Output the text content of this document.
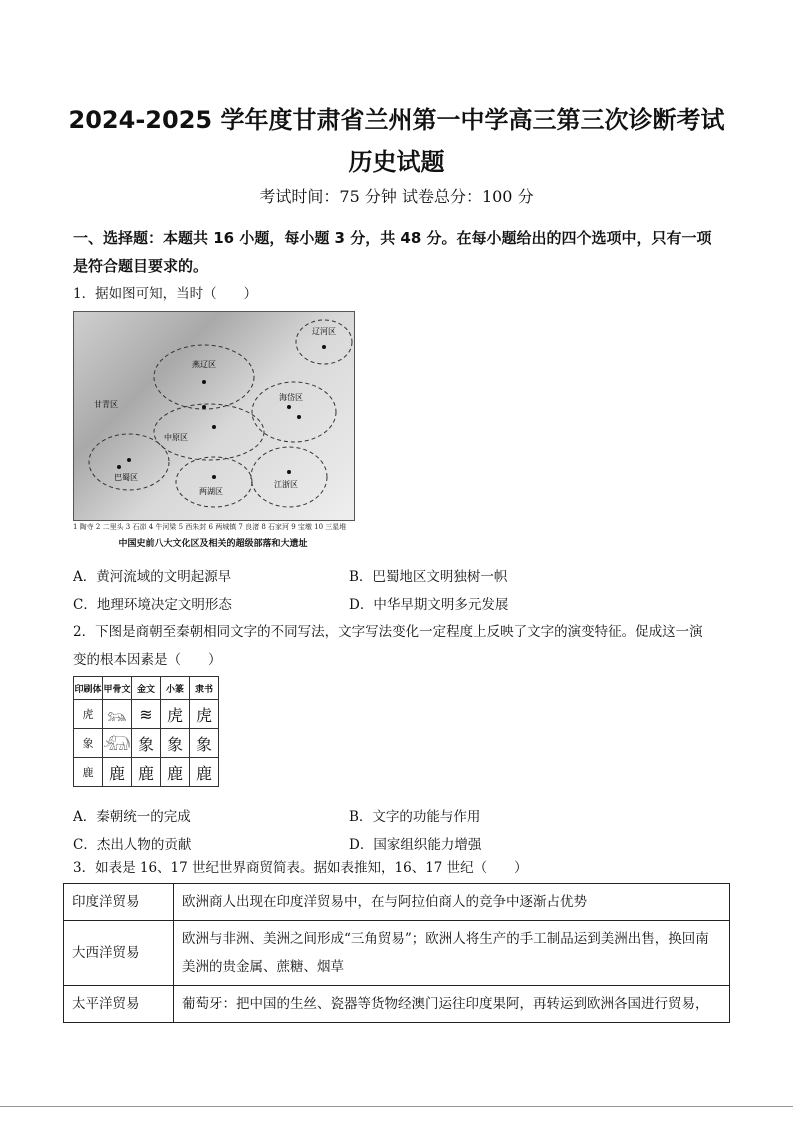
2024-2025 学年度甘肃省兰州第一中学高三第三次诊断考试
历史试题
考试时间：75 分钟 试卷总分：100 分
一、选择题：本题共 16 小题，每小题 3 分，共 48 分。在每小题给出的四个选项中，只有一项
是符合题目要求的。
1．据如图可知，当时（　　）
辽河区
燕辽区
海岱区
中原区
巴蜀区
江浙区
两湖区
甘青区
1 陶寺 2 二里头 3 石峁 4 牛河梁 5 西朱封 6 两城镇 7 良渚 8 石家河 9 宝墩 10 三星堆
中国史前八大文化区及相关的超级部落和大遗址
A．黄河流域的文明起源早	B．巴蜀地区文明独树一帜
C．地理环境决定文明形态	D．中华早期文明多元发展
2．下图是商朝至秦朝相同文字的不同写法，文字写法变化一定程度上反映了文字的演变特征。促成这一演
变的根本因素是（　　）
印刷体	甲骨文	金文	小篆	隶书
虎	𓃬	≋	虎	虎
象	𓃰	象	象	象
鹿	鹿	鹿	鹿	鹿
A．秦朝统一的完成	B．文字的功能与作用
C．杰出人物的贡献	D．国家组织能力增强
3．如表是 16、17 世纪世界商贸简表。据如表推知，16、17 世纪（　　）
印度洋贸易	欧洲商人出现在印度洋贸易中，在与阿拉伯商人的竞争中逐渐占优势
大西洋贸易	欧洲与非洲、美洲之间形成“三角贸易”；欧洲人将生产的手工制品运到美洲出售，换回南美洲的贵金属、蔗糖、烟草
太平洋贸易	葡萄牙：把中国的生丝、瓷器等货物经澳门运往印度果阿，再转运到欧洲各国进行贸易，
